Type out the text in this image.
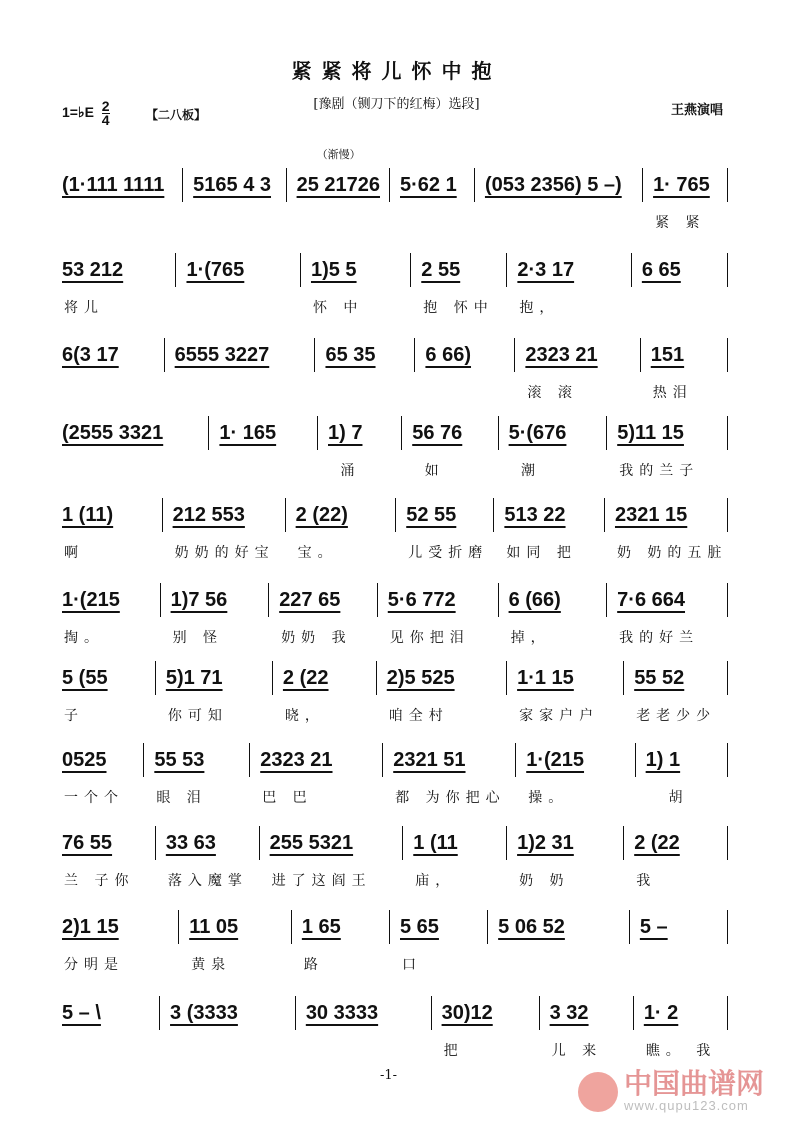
紧紧将儿怀中抱
[豫剧（铡刀下的红梅）选段]
1=♭E $\frac{2}{4}$	【二八板】	王燕演唱
(1·111 1111 5165 4 3 25 21726
（渐慢）
5·62 1 (053 2356) 5 –) 1· 765
紧 紧
53 212
将儿
1·(765	1)5 5
怀 中
2 55
抱 怀中
2·3 17
抱，
6 65
6(3 17	6555 3227	65 35 6 66)	2323 21
滚 滚
151
热泪
(2555 3321	1· 165	1) 7
涌
56 76
如
5·(676
潮
5)11 15
我的兰子
1 (11)
啊
212 553
奶奶的好宝
2 (22)
宝。
52 55
儿受折磨
513 22
如同 把
2321 15
奶 奶的五脏
1·(215
掏。
1)7 56
别 怪
227 65
奶奶 我
5·6 772
见你把泪
6 (66)
掉，
7·6 664
我的好兰
5 (55
子
5)1 71
你可知
2 (22
晓，
2)5 525
咱全村
1·1 15
家家户户
55 52
老老少少
0525
一个个
55 53
眼 泪
2323 21
巴 巴
2321 51
都 为你把心
1·(215
操。
1) 1
胡
76 55
兰 子你
33 63
落入魔掌
255 5321
进了这阎王
1 (11
庙，
1)2 31
奶 奶
2 (22
我
2)1 15
分明是
11 05
黄泉
1 65
路
5 65
口
5 06 52	5 –
5 – \	3 (3333	30 3333	30)12
把
3 32
儿 来
1· 2
瞧。 我
-1-	中国曲谱网
www.qupu123.com
